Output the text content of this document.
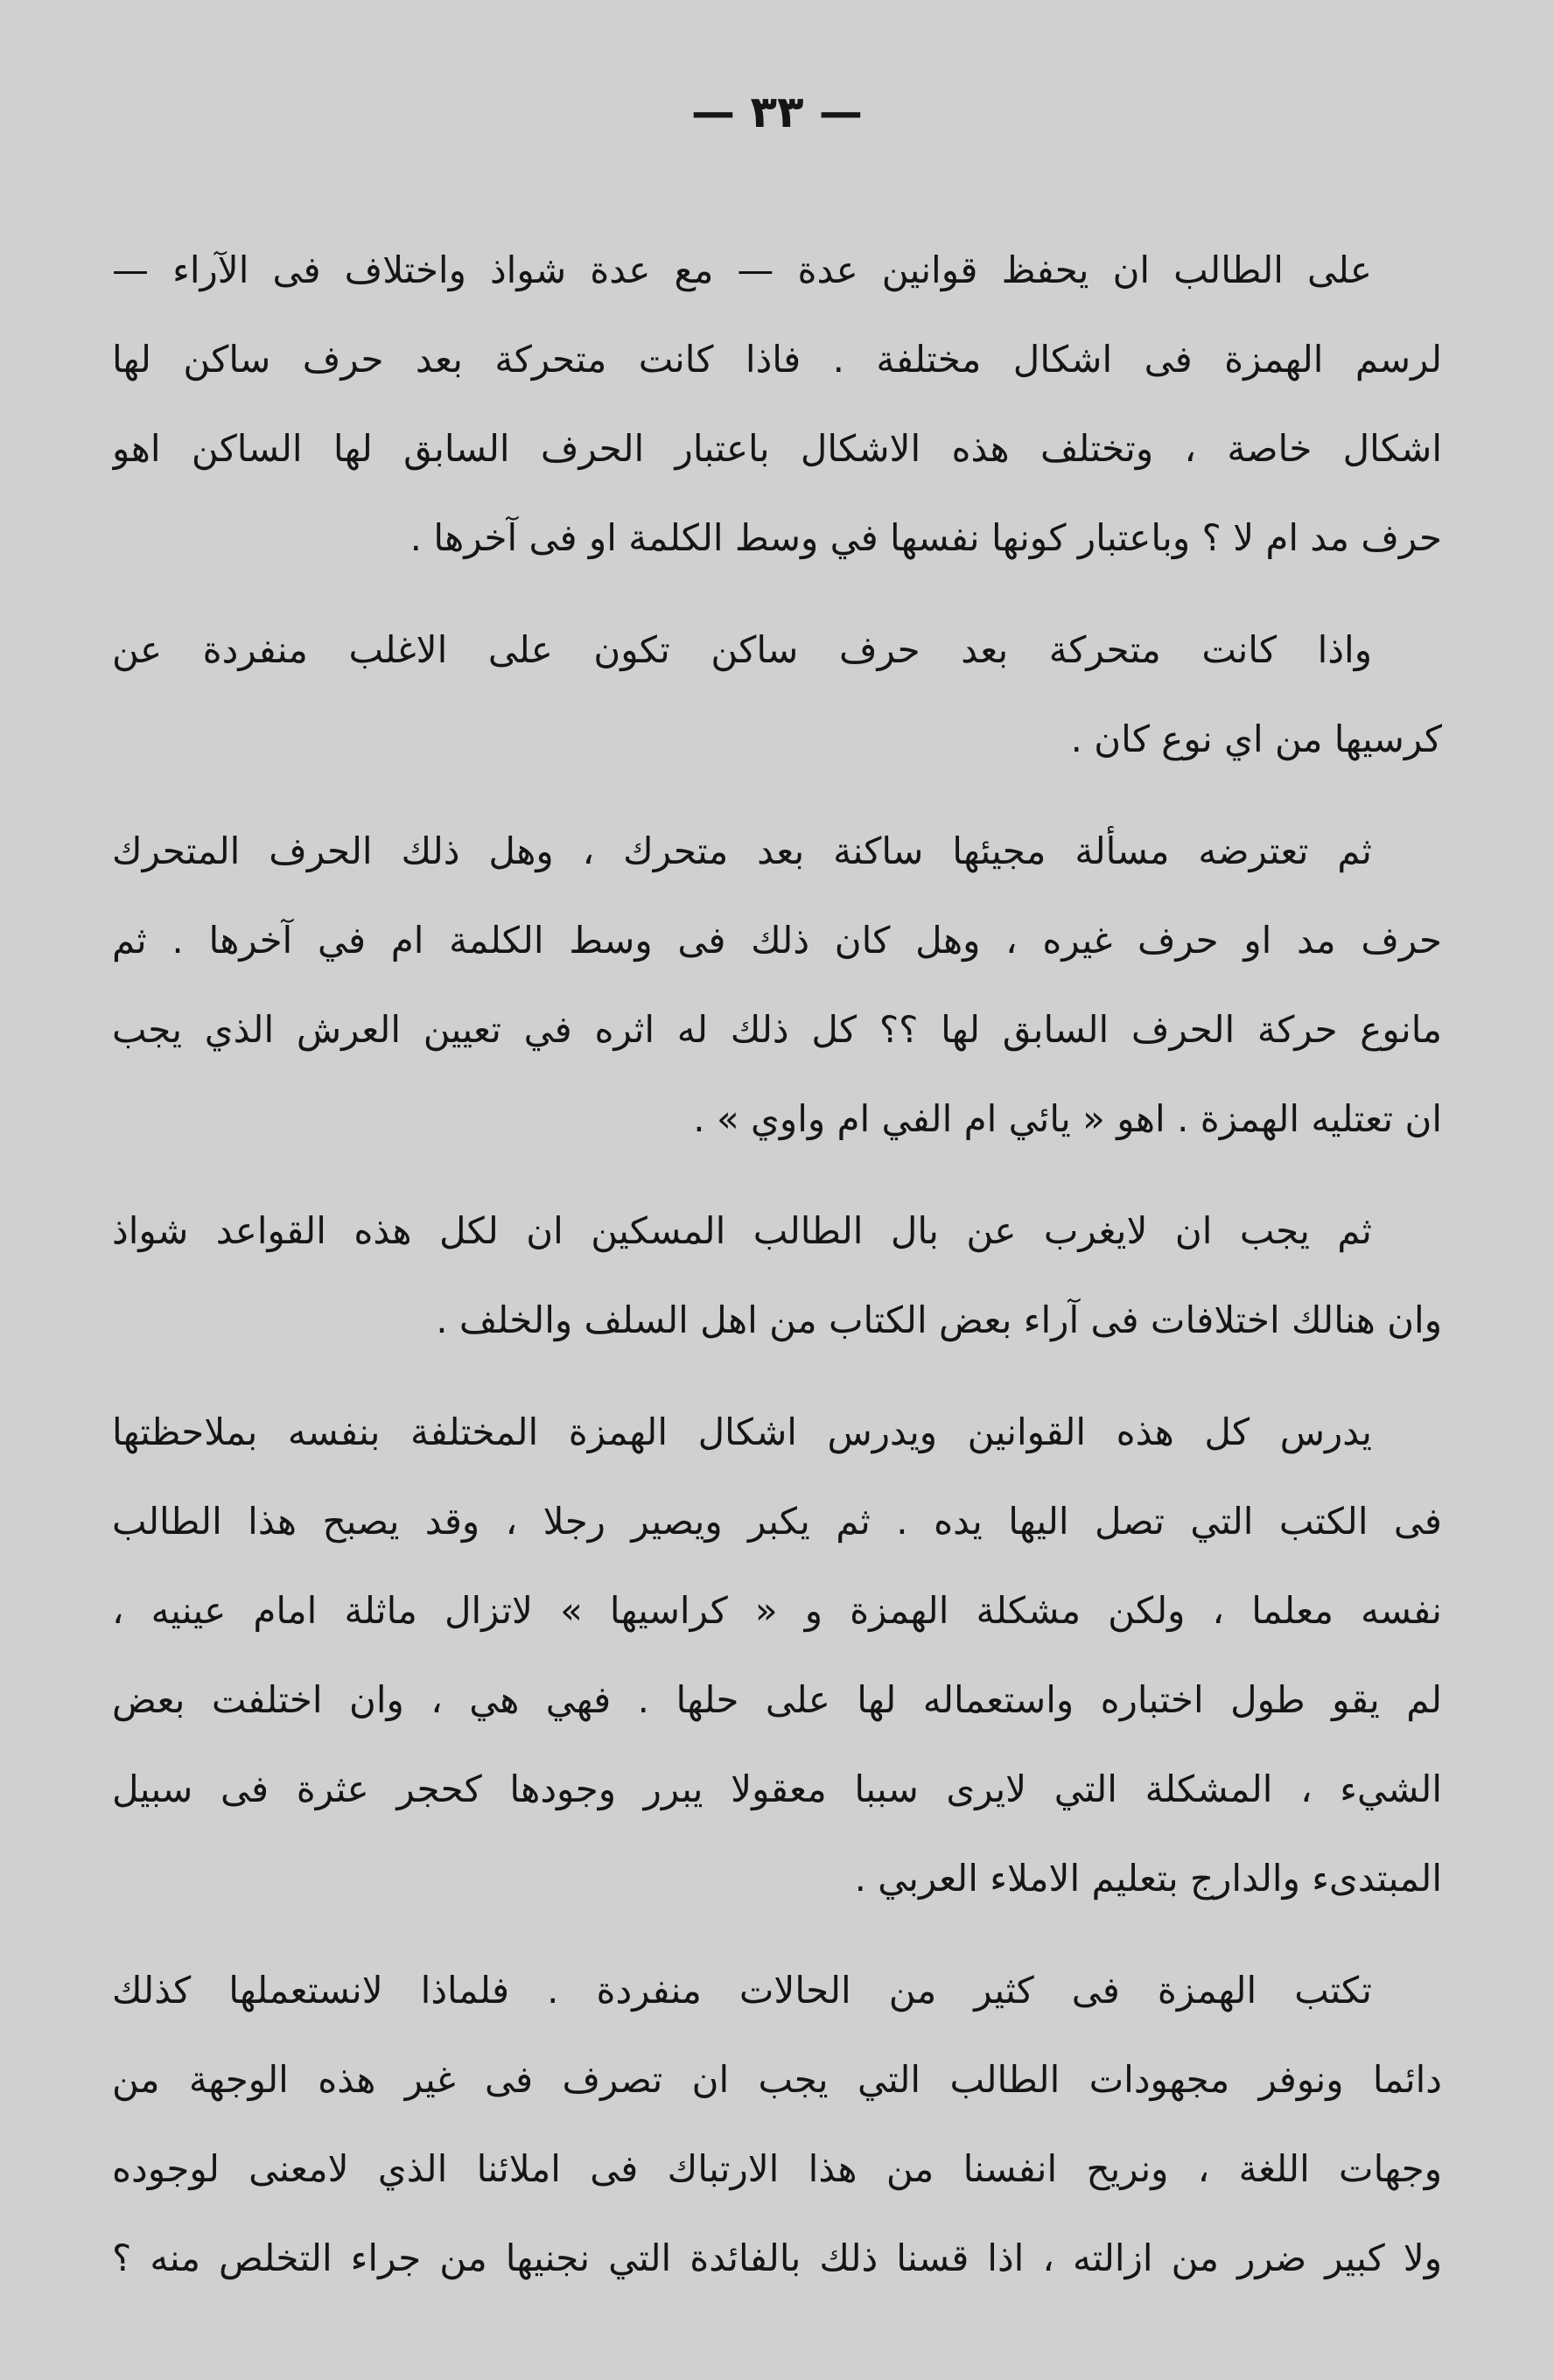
— ٣٣ —

على الطالب ان يحفظ قوانين عدة — مع عدة شواذ واختلاف فى الآراء —
لرسم الهمزة فى اشكال مختلفة . فاذا كانت متحركة بعد حرف ساكن لها
اشكال خاصة ، وتختلف هذه الاشكال باعتبار الحرف السابق لها الساكن اهو
حرف مد ام لا ؟ وباعتبار كونها نفسها في وسط الكلمة او فى آخرها .

واذا كانت متحركة بعد حرف ساكن تكون على الاغلب منفردة عن
كرسيها من اي نوع كان .

ثم تعترضه مسألة مجيئها ساكنة بعد متحرك ، وهل ذلك الحرف المتحرك
حرف مد او حرف غيره ، وهل كان ذلك فى وسط الكلمة ام في آخرها . ثم
مانوع حركة الحرف السابق لها ؟؟ كل ذلك له اثره في تعيين العرش الذي يجب
ان تعتليه الهمزة . اهو « يائي ام الفي ام واوي » .

ثم يجب ان لايغرب عن بال الطالب المسكين ان لكل هذه القواعد شواذ
وان هنالك اختلافات فى آراء بعض الكتاب من اهل السلف والخلف .

يدرس كل هذه القوانين ويدرس اشكال الهمزة المختلفة بنفسه بملاحظتها
فى الكتب التي تصل اليها يده . ثم يكبر ويصير رجلا ، وقد يصبح هذا الطالب
نفسه معلما ، ولكن مشكلة الهمزة و « كراسيها » لاتزال ماثلة امام عينيه ،
لم يقو طول اختباره واستعماله لها على حلها . فهي هي ، وان اختلفت بعض
الشيء ، المشكلة التي لايرى سببا معقولا يبرر وجودها كحجر عثرة فى سبيل
المبتدىء والدارج بتعليم الاملاء العربي .

تكتب الهمزة فى كثير من الحالات منفردة . فلماذا لانستعملها كذلك
دائما ونوفر مجهودات الطالب التي يجب ان تصرف فى غير هذه الوجهة من
وجهات اللغة ، ونريح انفسنا من هذا الارتباك فى املائنا الذي لامعنى لوجوده
ولا كبير ضرر من ازالته ، اذا قسنا ذلك بالفائدة التي نجنيها من جراء التخلص منه ؟
